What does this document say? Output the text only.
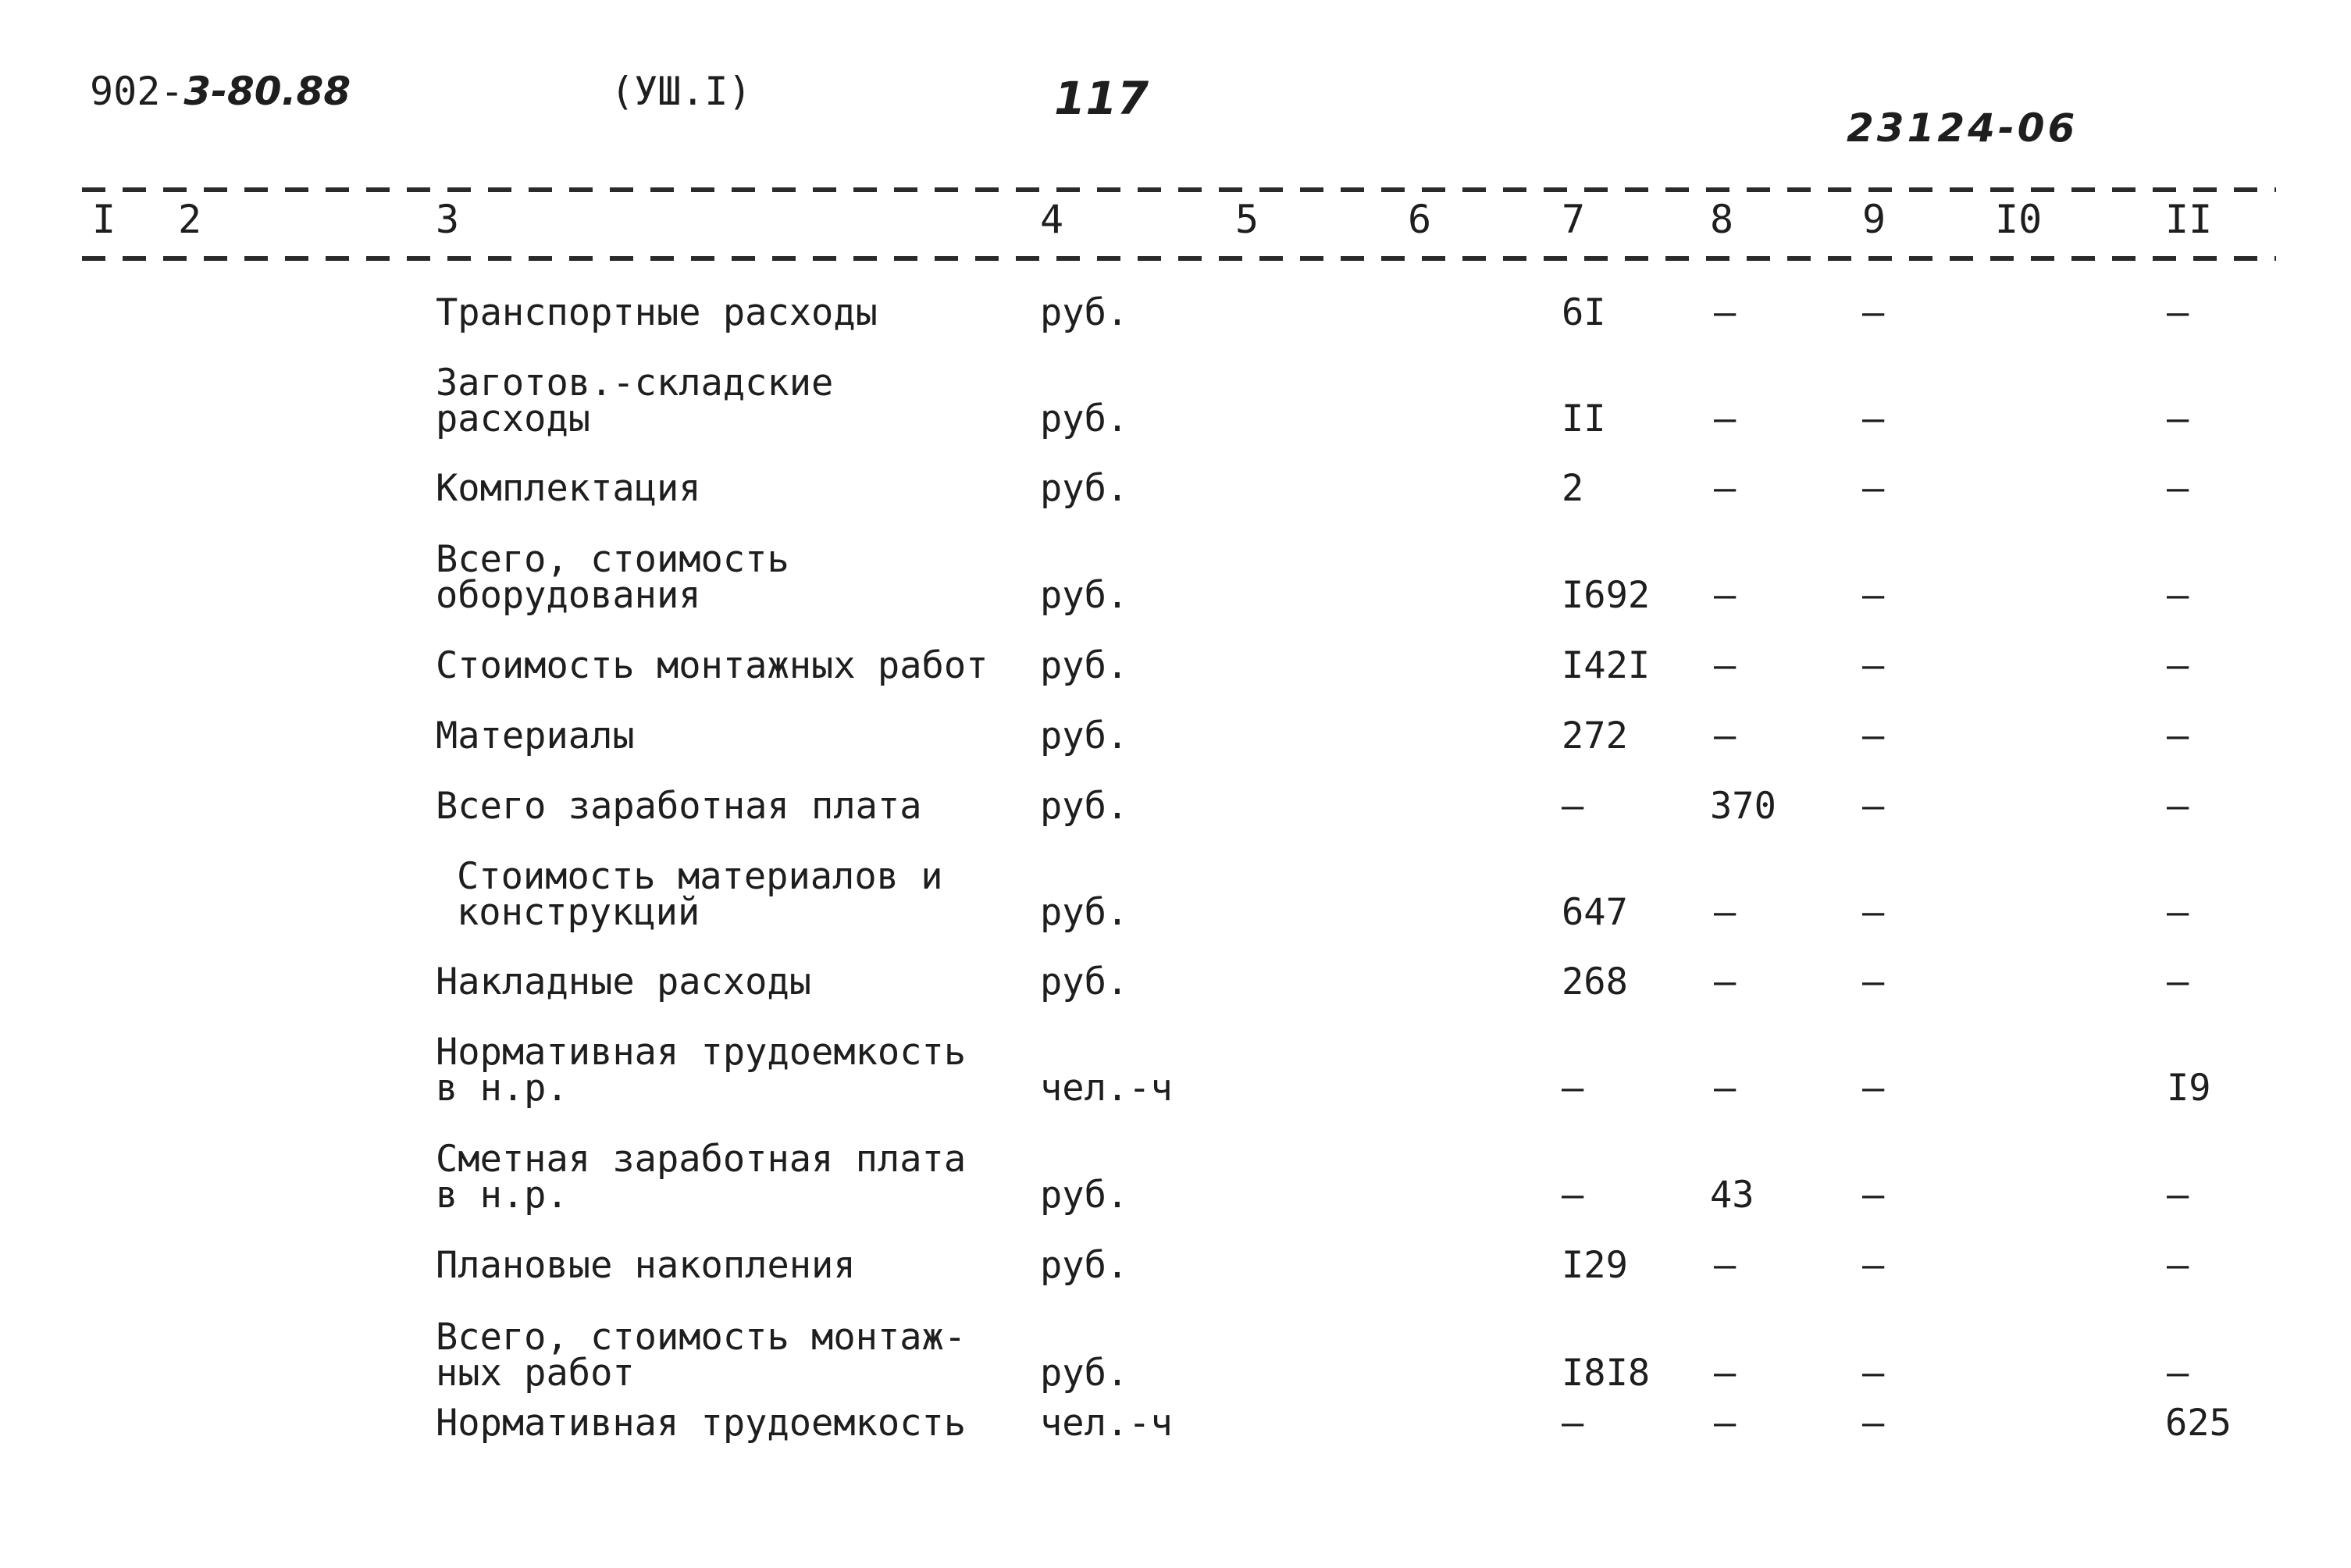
902-3-80.88	(УШ.I)	117
23124-06
I 2	3	4	5	6	7	8	9	I0	II
Транспортные расходы	руб.	6I	–	–	–
Заготов.-складские
расходы	руб.	II	–	–	–
Комплектация	руб.	2	–	–	–
Всего, стоимость
оборудования	руб.	I692 –	–	–
Стоимость монтажных работ	руб.	I42I –	–	–
Материалы	руб.	272 –	–	–
Всего заработная плата	руб.	–	370 –	–
Стоимость материалов и
конструкций	руб.	647 –	–	–
Накладные расходы	руб.	268 –	–	–
Нормативная трудоемкость
в н.р.	чел.-ч	–	–	–	I9
Сметная заработная плата
в н.р.	руб.	–	43	–	–
Плановые накопления	руб.	I29 –	–	–
Всего, стоимость монтаж-
ных работ	руб.	I8I8 –	–	–
Нормативная трудоемкость	чел.-ч	–	–	–	625
